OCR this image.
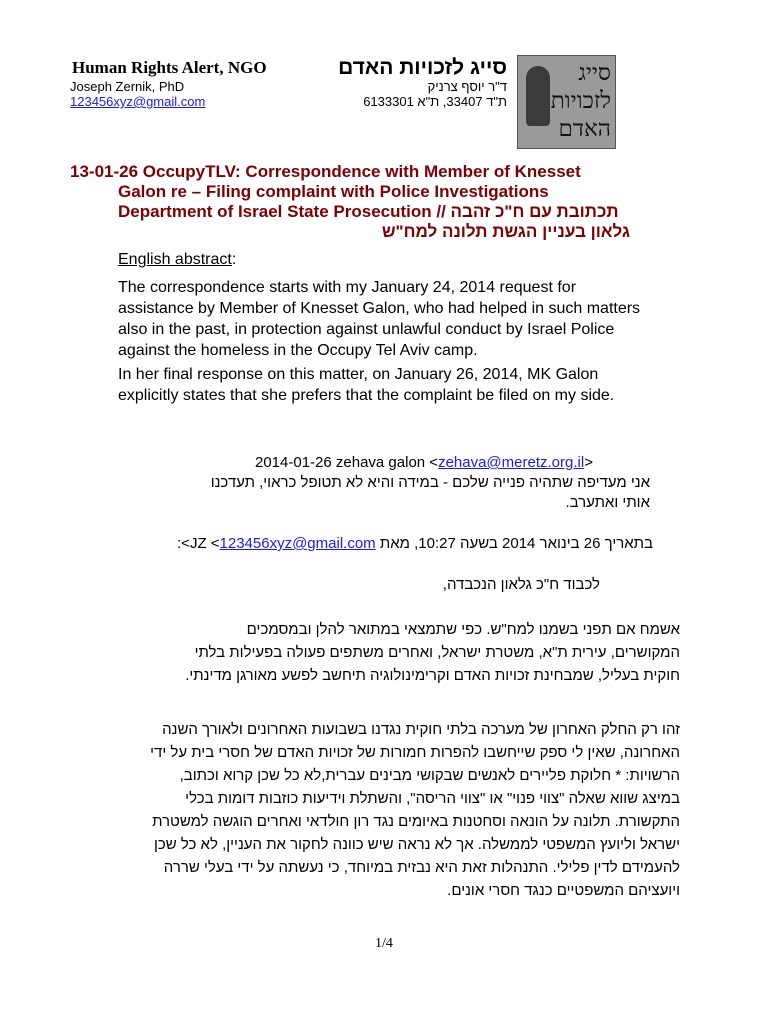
Human Rights Alert, NGO
Joseph Zernik, PhD
123456xyz@gmail.com
סייג לזכויות האדם
ד"ר יוסף צרניק
ת"ד 33407, ת"א 6133301
סייג
לזכויות
האדם
13-01-26 OccupyTLV: Correspondence with Member of Knesset
Galon re – Filing complaint with Police Investigations
Department of Israel State Prosecution // תכתובת עם ח"כ זהבה
גלאון בעניין הגשת תלונה למח"ש
English abstract:
The correspondence starts with my January 24, 2014 request for assistance by Member of Knesset Galon, who had helped in such matters also in the past, in protection against unlawful conduct by Israel Police against the homeless in the Occupy Tel Aviv camp.
In her final response on this matter, on January 26, 2014, MK Galon explicitly states that she prefers that the complaint be filed on my side.
2014-01-26 zehava galon <zehava@meretz.org.il>
אני מעדיפה שתהיה פנייה שלכם - במידה והיא לא תטופל כראוי, תעדכנו אותי ואתערב.
בתאריך 26 בינואר 2014 בשעה 10:27, מאת JZ <123456xyz@gmail.com>:
לכבוד ח"כ גלאון הנכבדה,
אשמח אם תפני בשמנו למח"ש. כפי שתמצאי במתואר להלן ובמסמכים המקושרים, עירית ת"א, משטרת ישראל, ואחרים משתפים פעולה בפעילות בלתי חוקית בעליל, שמבחינת זכויות האדם וקרימינולוגיה תיחשב לפשע מאורגן מדינתי.
זהו רק החלק האחרון של מערכה בלתי חוקית נגדנו בשבועות האחרונים ולאורך השנה האחרונה, שאין לי ספק שייחשבו להפרות חמורות של זכויות האדם של חסרי בית על ידי הרשויות: * חלוקת פליירים לאנשים שבקושי מבינים עברית,לא כל שכן קרוא וכתוב, במיצג שווא שאלה "צווי פנוי" או "צווי הריסה", והשתלת וידיעות כוזבות דומות בכלי התקשורת. תלונה על הונאה וסחטנות באיומים נגד רון חולדאי ואחרים הוגשה למשטרת ישראל וליועץ המשפטי לממשלה. אך לא נראה שיש כוונה לחקור את העניין, לא כל שכן להעמידם לדין פלילי. התנהלות זאת היא נבזית במיוחד, כי נעשתה על ידי בעלי שררה ויועציהם המשפטיים כנגד חסרי אונים.
1/4
